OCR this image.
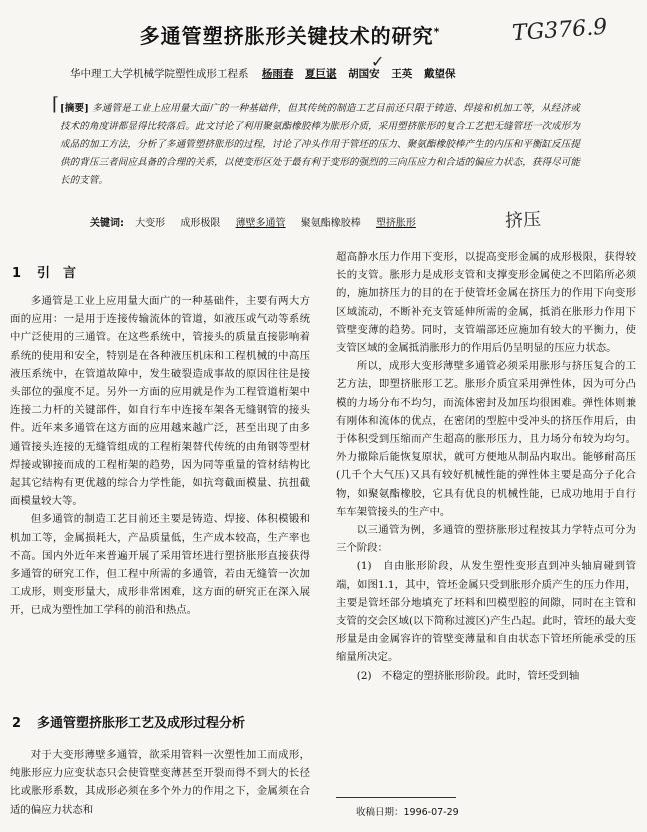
多通管塑挤胀形关键技术的研究*	TG376.9
华中理工大学机械学院塑性成形工程系 杨雨春 夏巨谌 胡国安 王英 戴望保
✓
⌈ [摘要] 多通管是工业上应用量大面广的一种基础件，但其传统的制造工艺目前还只限于铸造、焊接和机加工等，从经济或技术的角度讲都显得比较落后。此文讨论了利用聚氨酯橡胶棒为胀形介质，采用塑挤胀形的复合工艺把无缝管坯一次成形为成品的加工方法，分析了多通管塑挤胀形的过程，讨论了冲头作用于管坯的压力、聚氨酯橡胶棒产生的内压和平衡缸反压提供的背压三者间应具备的合理的关系，以使变形区处于最有利于变形的强烈的三向压应力和合适的偏应力状态，获得尽可能长的支管。
关键词: 大变形 成形极限 薄壁多通管 聚氨酯橡胶棒 塑挤胀形	挤压
1 引　言

多通管是工业上应用量大面广的一种基础件，主要有两大方面的应用：一是用于连接传输流体的管道，如液压或气动等系统中广泛使用的三通管。在这些系统中，管接头的质量直接影响着系统的使用和安全，特别是在各种液压机床和工程机械的中高压液压系统中，在管道故障中，发生破裂造成事故的原因往往是接头部位的强度不足。另外一方面的应用就是作为工程管道桁架中连接二力杆的关键部件，如自行车中连接车架各无缝钢管的接头件。近年来多通管在这方面的应用越来越广泛，甚至出现了由多通管接头连接的无缝管组成的工程桁架替代传统的由角钢等型材焊接或铆接而成的工程桁架的趋势，因为同等重量的管材结构比起其它结构有更优越的综合力学性能，如抗弯截面模量、抗扭截面模量较大等。

但多通管的制造工艺目前还主要是铸造、焊接、体积模锻和机加工等，金属损耗大，产品质量低，生产成本较高，生产率也不高。国内外近年来普遍开展了采用管坯进行塑挤胀形直接获得多通管的研究工作，但工程中所需的多通管，若由无缝管一次加工成形，则变形量大，成形非常困难，这方面的研究正在深入展开，已成为塑性加工学科的前沿和热点。

2 多通管塑挤胀形工艺及成形过程分析

对于大变形薄壁多通管，欲采用管料一次塑性加工而成形，纯胀形应力应变状态只会使管壁变薄甚至开裂而得不到大的长径比或胀形系数，其成形必须在多个外力的作用之下，金属须在合适的偏应力状态和

超高静水压力作用下变形，以提高变形金属的成形极限，获得较长的支管。胀形力是成形支管和支撑变形金属使之不凹陷所必须的，施加挤压力的目的在于使管坯金属在挤压力的作用下向变形区域流动，不断补充支管延伸所需的金属，抵消在胀形力作用下管壁变薄的趋势。同时，支管端部还应施加有较大的平衡力，使支管区域的金属抵消胀形力的作用后仍呈明显的压应力状态。

所以，成形大变形薄壁多通管必须采用胀形与挤压复合的工艺方法，即塑挤胀形工艺。胀形介质宜采用弹性体，因为可分凸模的力场分布不均匀，而流体密封及加压均很困难。弹性体则兼有刚体和流体的优点，在密闭的型腔中受冲头的挤压作用后，由于体积受到压缩而产生超高的胀形压力，且力场分布较为均匀。外力撤除后能恢复原状，就可方便地从制品内取出。能够耐高压(几千个大气压)又具有较好机械性能的弹性体主要是高分子化合物，如聚氨酯橡胶，它具有优良的机械性能，已成功地用于自行车车架管接头的生产中。

以三通管为例，多通管的塑挤胀形过程按其力学特点可分为三个阶段：

(1)　自由胀形阶段，从发生塑性变形直到冲头轴肩碰到管端，如图1.1，其中，管坯金属只受到胀形介质产生的压力作用，主要是管坯部分地填充了坯料和凹模型腔的间隙，同时在主管和支管的交会区域(以下简称过渡区)产生凸起。此时，管坯的最大变形量是由金属容许的管壁变薄量和自由状态下管坯所能承受的压缩量所决定。

(2)　不稳定的塑挤胀形阶段。此时，管坯受到轴

收稿日期：1996-07-29
